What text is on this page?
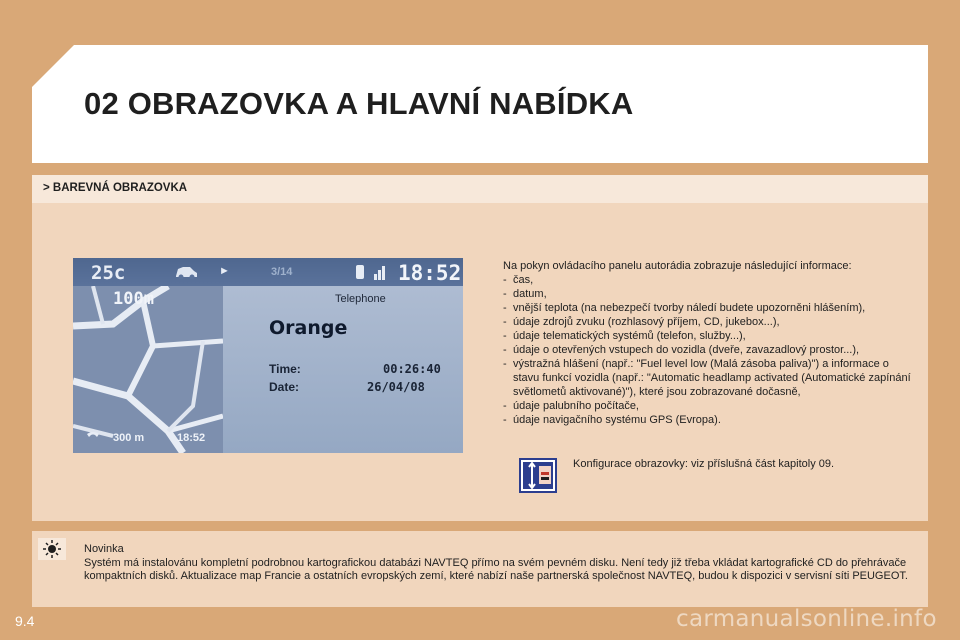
02 OBRAZOVKA A HLAVNÍ NABÍDKA
> BAREVNÁ OBRAZOVKA
25c	►	3/14	18:52
100m	Telephone
Orange
Time:	00:26:40
Date:	26/04/08
300 m	18:52

Na pokyn ovládacího panelu autorádia zobrazuje následující informace:

- čas,
- datum,
- vnější teplota (na nebezpečí tvorby náledí budete upozorněni hlášením),
- údaje zdrojů zvuku (rozhlasový příjem, CD, jukebox...),
- údaje telematických systémů (telefon, služby...),
- údaje o otevřených vstupech do vozidla (dveře, zavazadlový prostor...),
- výstražná hlášení (např.: "Fuel level low (Malá zásoba paliva)") a informace o stavu funkcí vozidla (např.: "Automatic headlamp activated (Automatické zapínání světlometů aktivované)"), které jsou zobrazované dočasně,
- údaje palubního počítače,
- údaje navigačního systému GPS (Evropa).

Konfigurace obrazovky: viz příslušná část kapitoly 09.

Novinka

Systém má instalovánu kompletní podrobnou kartografickou databázi NAVTEQ přímo na svém pevném disku. Není tedy již třeba vkládat kartografické CD do přehrávače kompaktních disků. Aktualizace map Francie a ostatních evropských zemí, které nabízí naše partnerská společnost NAVTEQ, budou k dispozici v servisní síti PEUGEOT.

9.4	carmanualsonline.info
